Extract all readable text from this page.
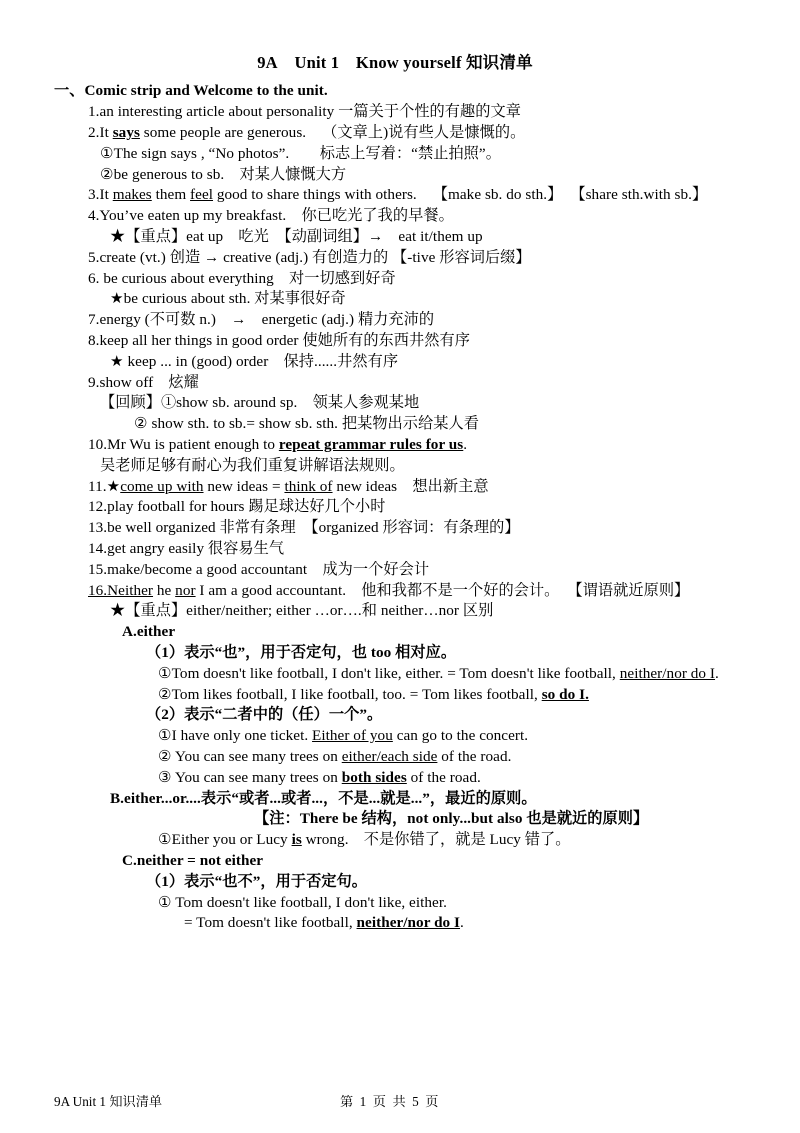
9A Unit 1 Know yourself 知识清单
一、Comic strip and Welcome to the unit.
1.an interesting article about personality 一篇关于个性的有趣的文章
2.It says some people are generous. （文章上)说有些人是慷慨的。
①The sign says , “No photos”.　　标志上写着：“禁止拍照”。
②be generous to sb.　对某人慷慨大方
3.It makes them feel good to share things with others. 【make sb. do sth.】 【share sth.with sb.】
4.You’ve eaten up my breakfast.　你已吃光了我的早餐。
★【重点】eat up　吃光　【动副词组】→　eat it/them up
5.create (vt.) 创造 → creative (adj.) 有创造力的 【-tive 形容词后缀】
6. be curious about everything　对一切感到好奇
★be curious about sth. 对某事很好奇
7.energy (不可数 n.)　→　energetic (adj.) 精力充沛的
8.keep all her things in good order 使她所有的东西井然有序
★ keep ... in (good) order　保持......井然有序
9.show off　炫耀
【回顾】①show sb. around sp.　领某人参观某地
② show sth. to sb.= show sb. sth. 把某物出示给某人看
10.Mr Wu is patient enough to repeat grammar rules for us.
吴老师足够有耐心为我们重复讲解语法规则。
11.★come up with new ideas = think of new ideas　想出新主意
12.play football for hours 踢足球达好几个小时
13.be well organized 非常有条理　【organized 形容词：有条理的】
14.get angry easily 很容易生气
15.make/become a good accountant　成为一个好会计
16.Neither he nor I am a good accountant.　他和我都不是一个好的会计。 【谓语就近原则】
★【重点】either/neither; either …or….和 neither…nor 区别
A.either
（1）表示“也”，用于否定句，也 too 相对应。
①Tom doesn't like football, I don't like, either. = Tom doesn't like football, neither/nor do I.
②Tom likes football, I like football, too. = Tom likes football, so do I.
（2）表示“二者中的（任）一个”。
①I have only one ticket. Either of you can go to the concert.
② You can see many trees on either/each side of the road.
③ You can see many trees on both sides of the road.
B.either...or....表示“或者...或者...，不是...就是...”，最近的原则。
【注：There be 结构，not only...but also 也是就近的原则】
①Either you or Lucy is wrong.　不是你错了，就是 Lucy 错了。
C.neither = not either
（1）表示“也不”，用于否定句。
① Tom doesn't like football, I don't like, either.
= Tom doesn't like football, neither/nor do I.
9A Unit 1 知识清单	第 1 页 共 5 页
